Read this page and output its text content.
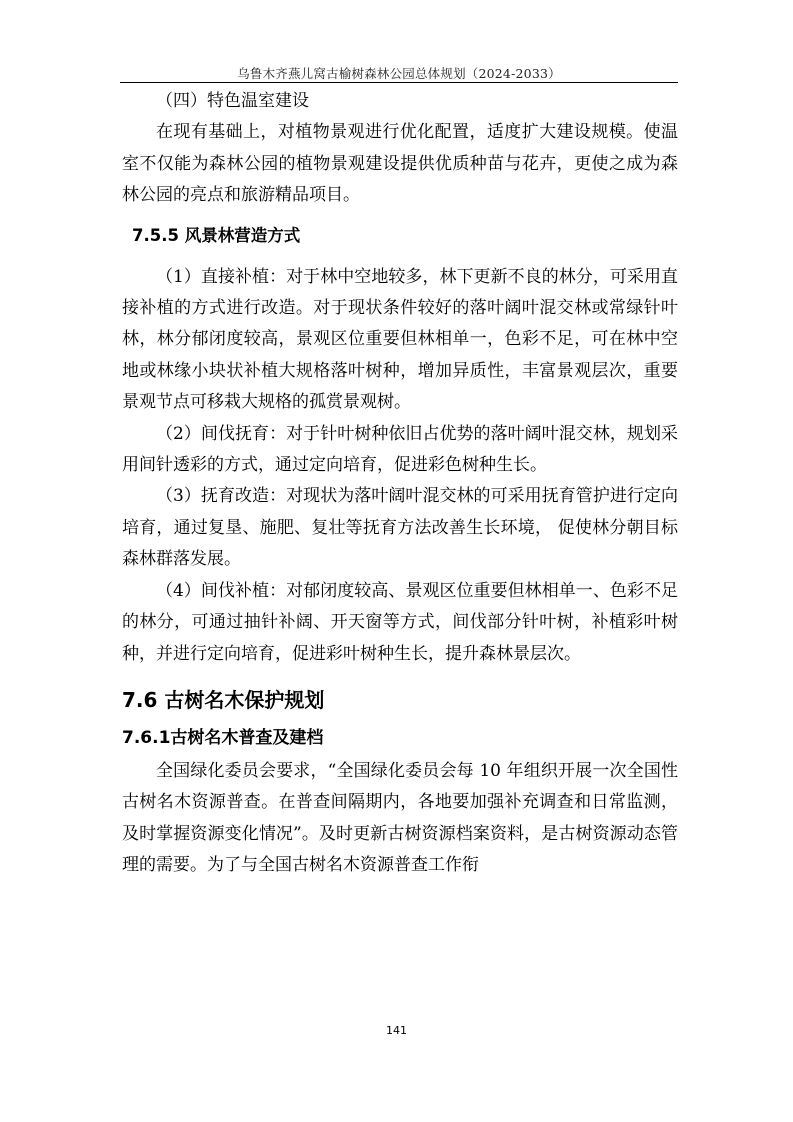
乌鲁木齐燕儿窝古榆树森林公园总体规划（2024-2033）

（四）特色温室建设

在现有基础上，对植物景观进行优化配置，适度扩大建设规模。使温室不仅能为森林公园的植物景观建设提供优质种苗与花卉，更使之成为森林公园的亮点和旅游精品项目。

7.5.5 风景林营造方式

（1）直接补植：对于林中空地较多，林下更新不良的林分，可采用直接补植的方式进行改造。对于现状条件较好的落叶阔叶混交林或常绿针叶林，林分郁闭度较高，景观区位重要但林相单一，色彩不足，可在林中空地或林缘小块状补植大规格落叶树种，增加异质性，丰富景观层次，重要景观节点可移栽大规格的孤赏景观树。

（2）间伐抚育：对于针叶树种依旧占优势的落叶阔叶混交林，规划采用间针透彩的方式，通过定向培育，促进彩色树种生长。

（3）抚育改造：对现状为落叶阔叶混交林的可采用抚育管护进行定向培育，通过复垦、施肥、复壮等抚育方法改善生长环境， 促使林分朝目标森林群落发展。

（4）间伐补植：对郁闭度较高、景观区位重要但林相单一、色彩不足的林分，可通过抽针补阔、开天窗等方式，间伐部分针叶树，补植彩叶树种，并进行定向培育，促进彩叶树种生长，提升森林景层次。

7.6 古树名木保护规划
7.6.1古树名木普查及建档

全国绿化委员会要求，“全国绿化委员会每 10 年组织开展一次全国性古树名木资源普查。在普查间隔期内，各地要加强补充调查和日常监测，及时掌握资源变化情况”。及时更新古树资源档案资料，是古树资源动态管理的需要。为了与全国古树名木资源普查工作衔

141
